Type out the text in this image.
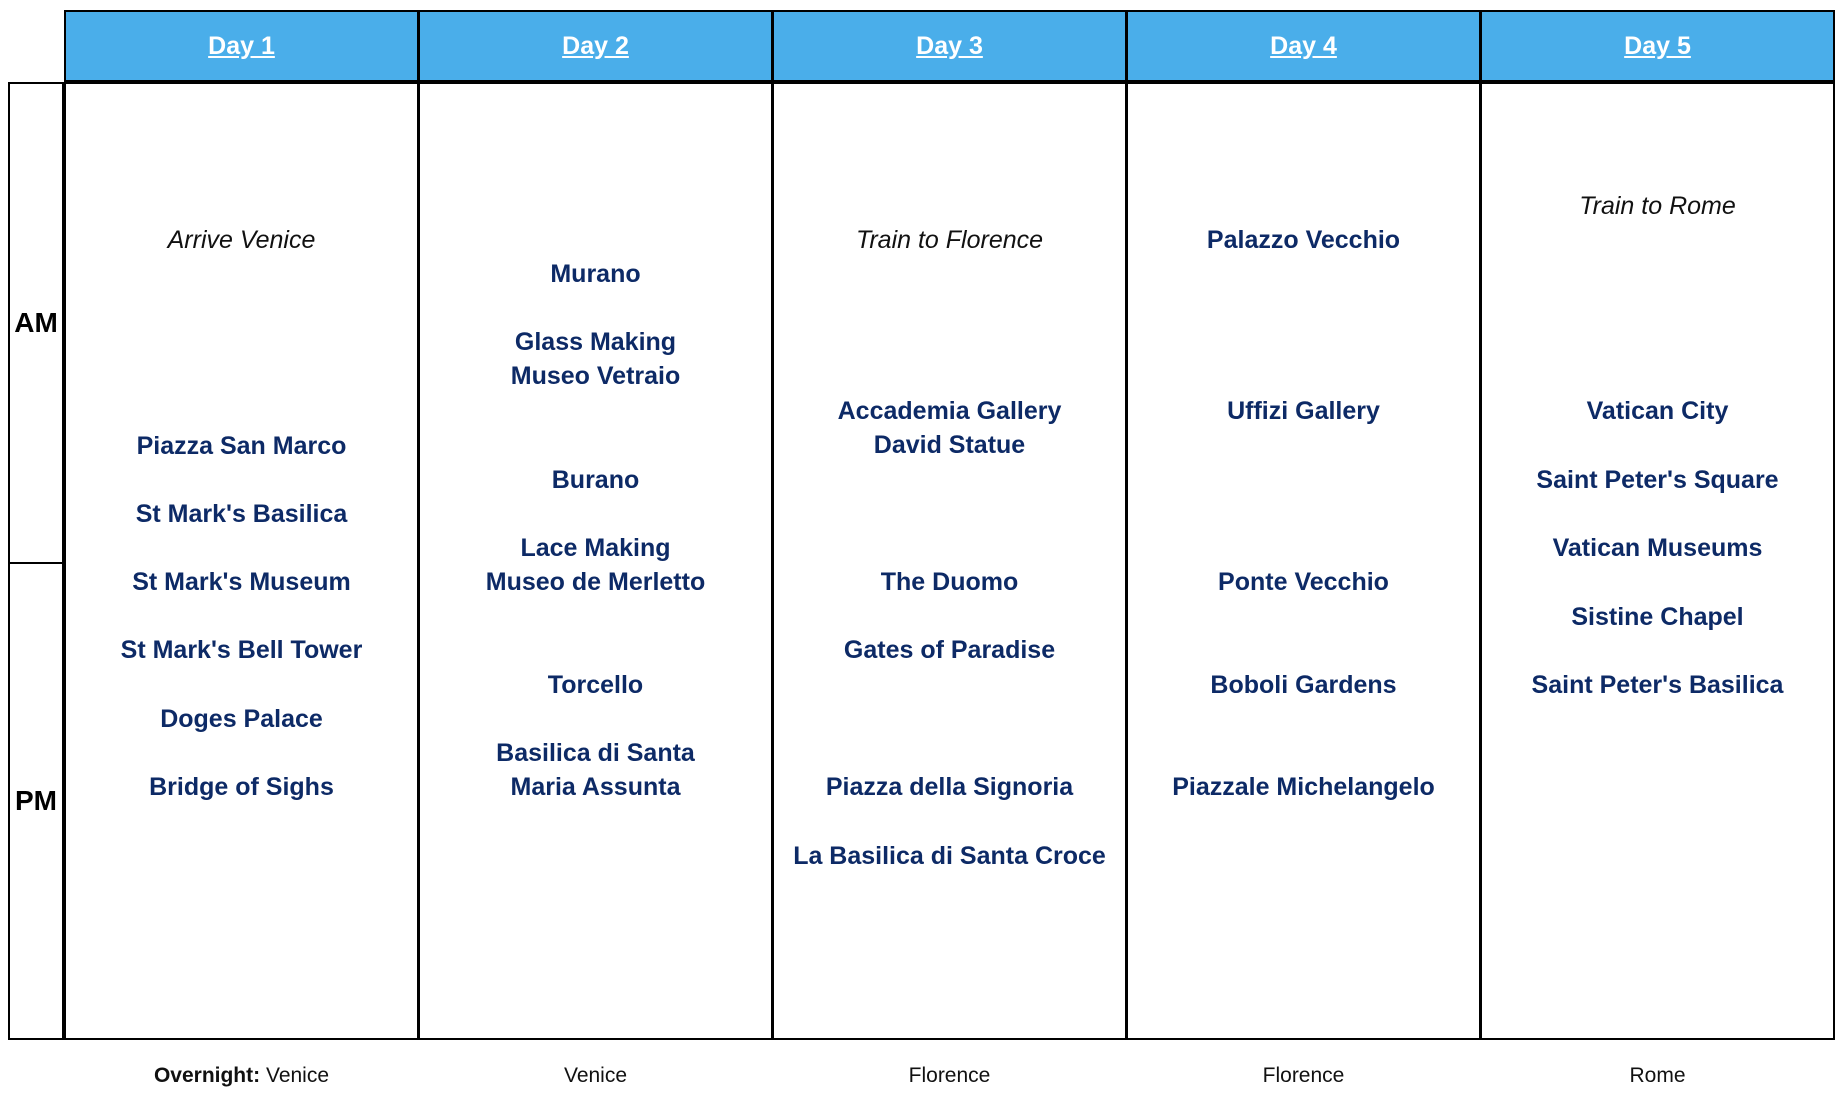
AM
PM
Day 1
Arrive Venice
Piazza San Marco
St Mark's Basilica
St Mark's Museum
St Mark's Bell Tower
Doges Palace
Bridge of Sighs
Overnight: Venice
Day 2
Murano
Glass Making
Museo Vetraio
Burano
Lace Making
Museo de Merletto
Torcello
Basilica di Santa
Maria Assunta
Venice
Day 3
Train to Florence
Accademia Gallery
David Statue
The Duomo
Gates of Paradise
Piazza della Signoria
La Basilica di Santa Croce
Florence
Day 4
Palazzo Vecchio
Uffizi Gallery
Ponte Vecchio
Boboli Gardens
Piazzale Michelangelo
Florence
Day 5
Train to Rome
Vatican City
Saint Peter's Square
Vatican Museums
Sistine Chapel
Saint Peter's Basilica
Rome
